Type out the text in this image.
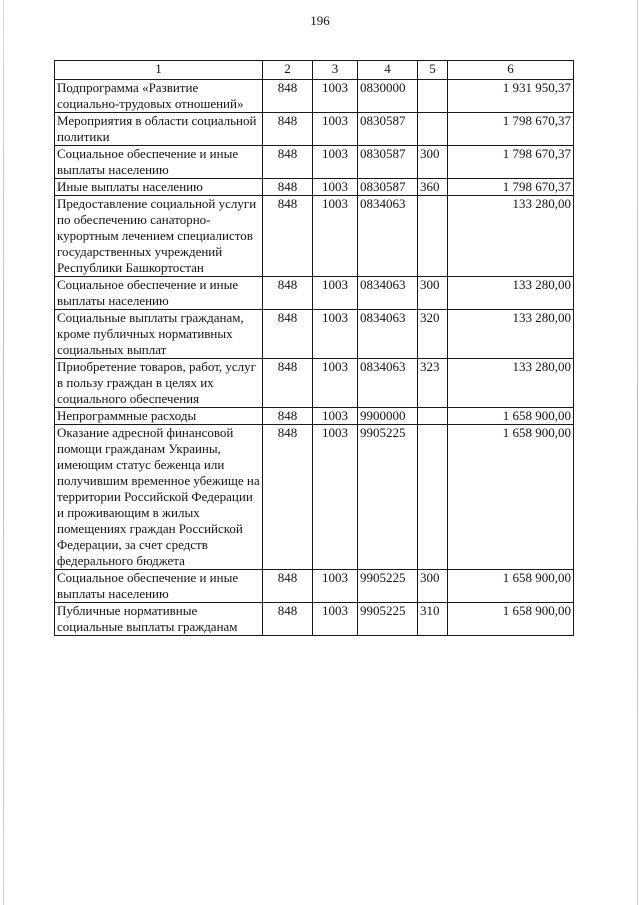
196
1	2	3	4	5	6
Подпрограмма «Развитие социально-трудовых отношений»	848	1003	0830000		1 931 950,37
Мероприятия в области социальной политики	848	1003	0830587		1 798 670,37
Социальное обеспечение и иные выплаты населению	848	1003	0830587	300	1 798 670,37
Иные выплаты населению	848	1003	0830587	360	1 798 670,37
Предоставление социальной услуги по обеспечению санаторно-курортным лечением специалистов государственных учреждений Республики Башкортостан	848	1003	0834063		133 280,00
Социальное обеспечение и иные выплаты населению	848	1003	0834063	300	133 280,00
Социальные выплаты гражданам, кроме публичных нормативных социальных выплат	848	1003	0834063	320	133 280,00
Приобретение товаров, работ, услуг в пользу граждан в целях их социального обеспечения	848	1003	0834063	323	133 280,00
Непрограммные расходы	848	1003	9900000		1 658 900,00
Оказание адресной финансовой помощи гражданам Украины, имеющим статус беженца или получившим временное убежище на территории Российской Федерации и проживающим в жилых помещениях граждан Российской Федерации, за счет средств федерального бюджета	848	1003	9905225		1 658 900,00
Социальное обеспечение и иные выплаты населению	848	1003	9905225	300	1 658 900,00
Публичные нормативные социальные выплаты гражданам	848	1003	9905225	310	1 658 900,00
